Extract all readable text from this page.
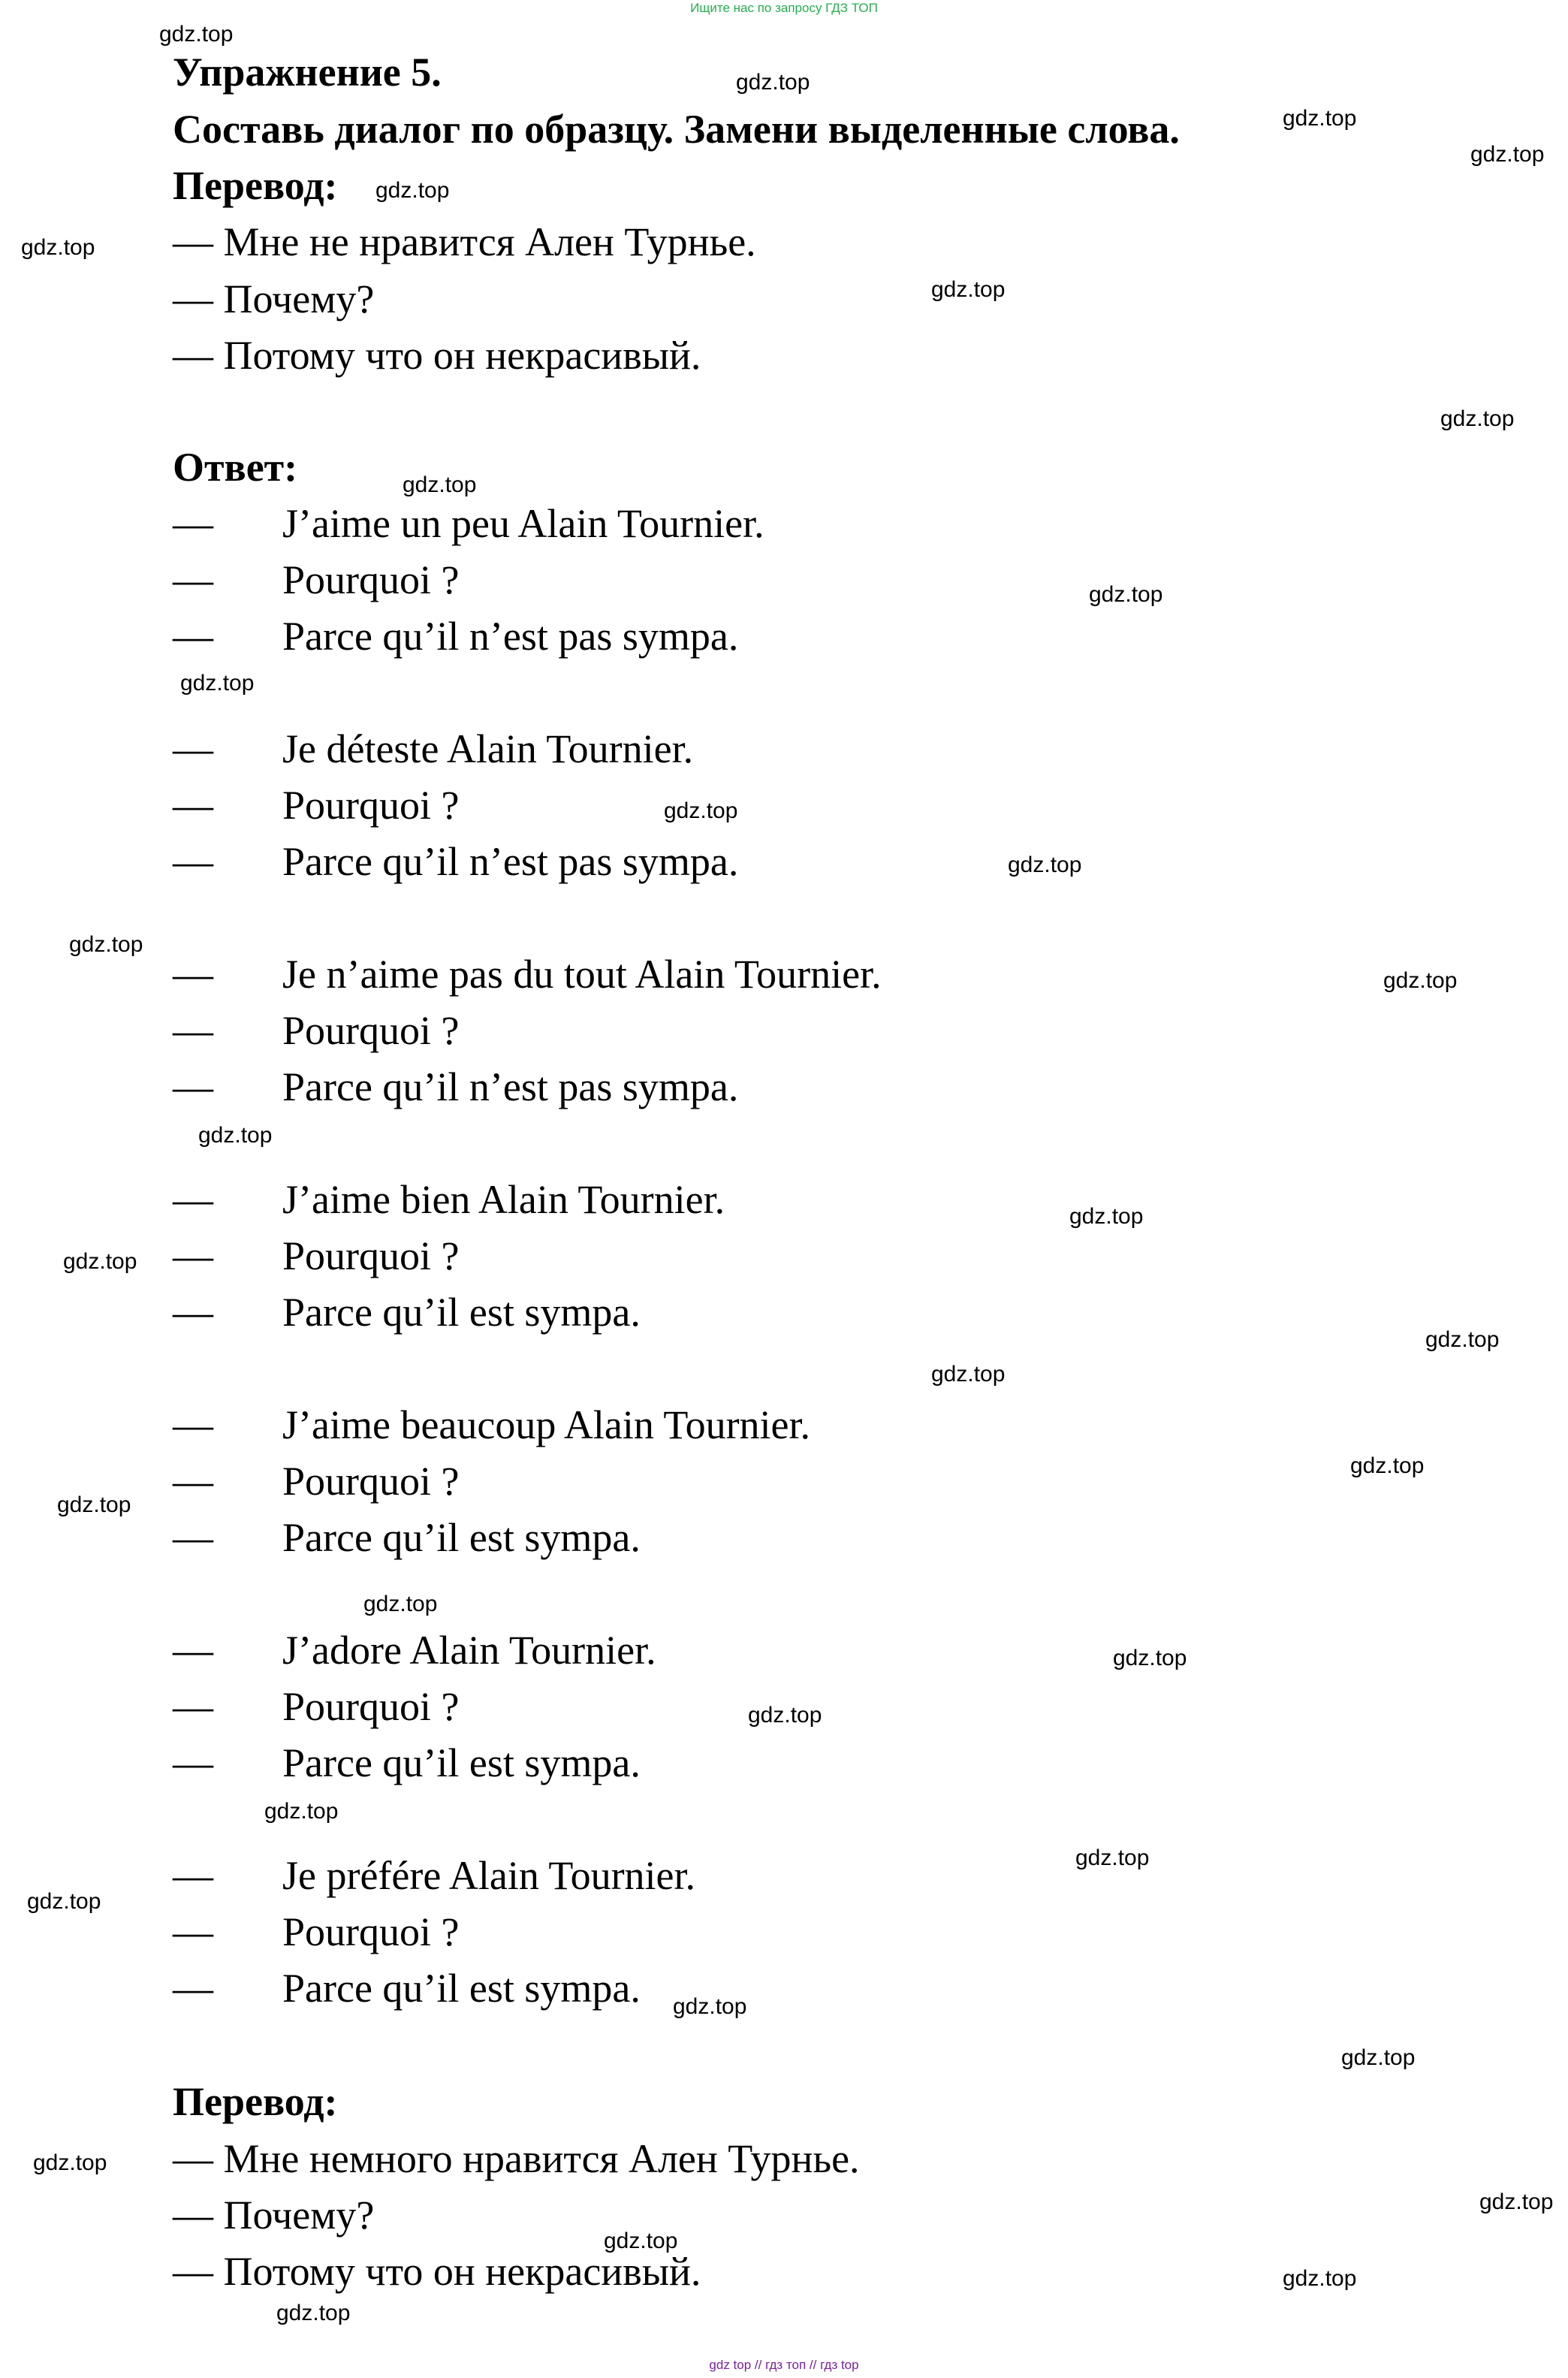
Ищите нас по запросу ГДЗ ТОП
Упражнение 5.
Составь диалог по образцу. Замени выделенные слова.
Перевод:
— Мне не нравится Ален Турнье.
— Почему?
— Потому что он некрасивый.
Ответ:
— J’aime un peu Alain Tournier.
— Pourquoi ?
— Parce qu’il n’est pas sympa.
— Je déteste Alain Tournier.
— Pourquoi ?
— Parce qu’il n’est pas sympa.
— Je n’aime pas du tout Alain Tournier.
— Pourquoi ?
— Parce qu’il n’est pas sympa.
— J’aime bien Alain Tournier.
— Pourquoi ?
— Parce qu’il est sympa.
— J’aime beaucoup Alain Tournier.
— Pourquoi ?
— Parce qu’il est sympa.
— J’adore Alain Tournier.
— Pourquoi ?
— Parce qu’il est sympa.
— Je préfére Alain Tournier.
— Pourquoi ?
— Parce qu’il est sympa.
Перевод:
— Мне немного нравится Ален Турнье.
— Почему?
— Потому что он некрасивый.
gdz.top
gdz.top
gdz.top
gdz.top
gdz.top
gdz.top
gdz.top
gdz.top
gdz.top
gdz.top
gdz.top
gdz.top
gdz.top
gdz.top
gdz.top
gdz.top
gdz.top
gdz.top
gdz.top
gdz.top
gdz.top
gdz.top
gdz.top
gdz.top
gdz.top
gdz.top
gdz.top
gdz.top
gdz.top
gdz.top
gdz.top
gdz.top
gdz.top
gdz.top
gdz.top
gdz top // гдз топ // гдз top
